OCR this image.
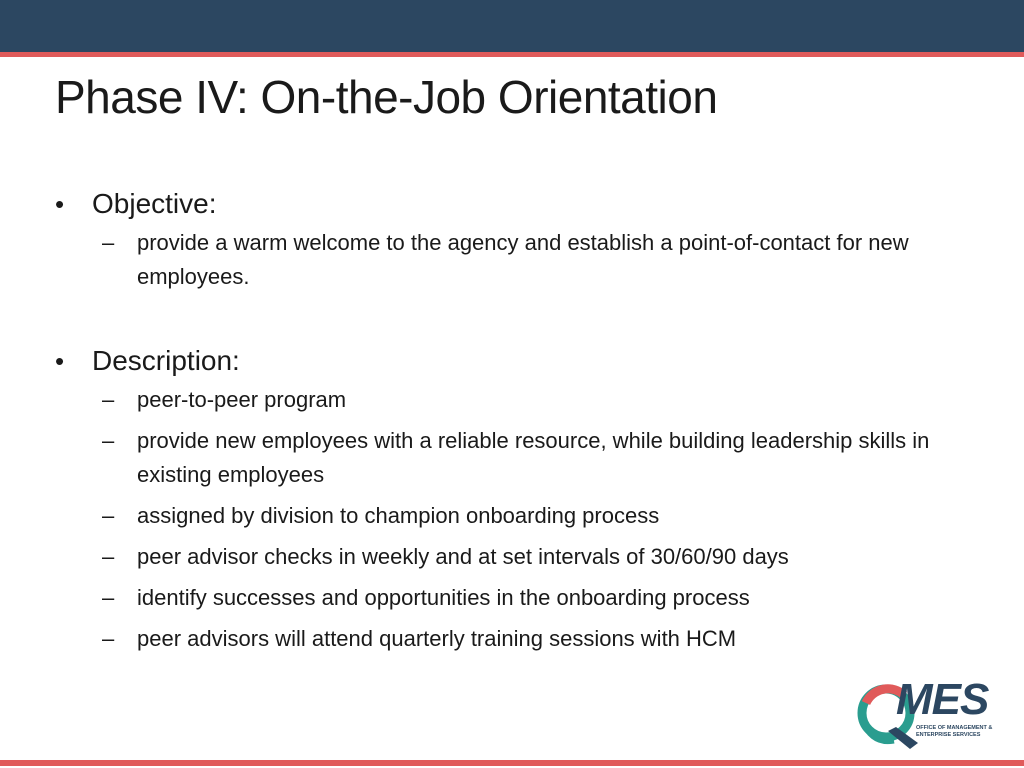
Phase IV: On-the-Job Orientation
• Objective:
– provide a warm welcome to the agency and establish a point-of-contact for new employees.
• Description:
– peer-to-peer program
– provide new employees with a reliable resource, while building leadership skills in existing employees
– assigned by division to champion onboarding process
– peer advisor checks in weekly and at set intervals of 30/60/90 days
– identify successes and opportunities in the onboarding process
– peer advisors will attend quarterly training sessions with HCM
MES
OFFICE OF MANAGEMENT & ENTERPRISE SERVICES
